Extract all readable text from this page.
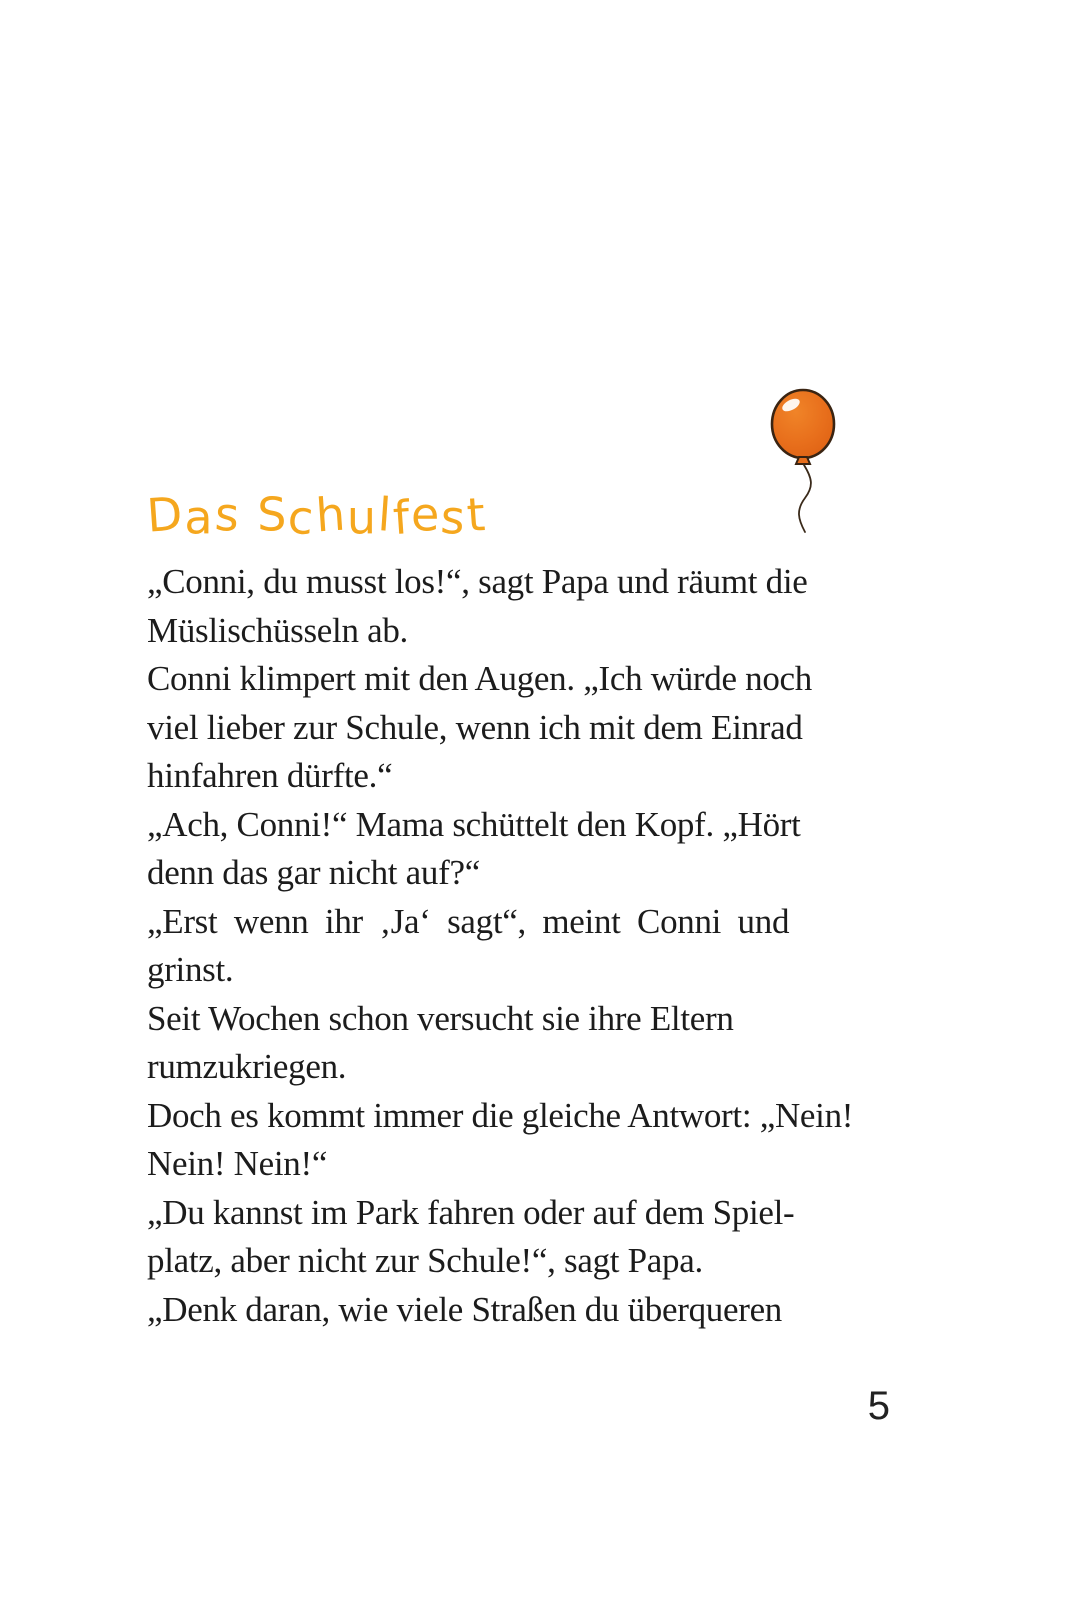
Das Schulfest
„Conni, du musst los!“, sagt Papa und räumt die
Müslischüsseln ab.
Conni klimpert mit den Augen. „Ich würde noch
viel lieber zur Schule, wenn ich mit dem Einrad
hinfahren dürfte.“
„Ach, Conni!“ Mama schüttelt den Kopf. „Hört
denn das gar nicht auf?“
„Erst wenn ihr ‚Ja‘ sagt“, meint Conni und
grinst.
Seit Wochen schon versucht sie ihre Eltern
rumzukriegen.
Doch es kommt immer die gleiche Antwort: „Nein!
Nein! Nein!“
„Du kannst im Park fahren oder auf dem Spiel-
platz, aber nicht zur Schule!“, sagt Papa.
„Denk daran, wie viele Straßen du überqueren
5
